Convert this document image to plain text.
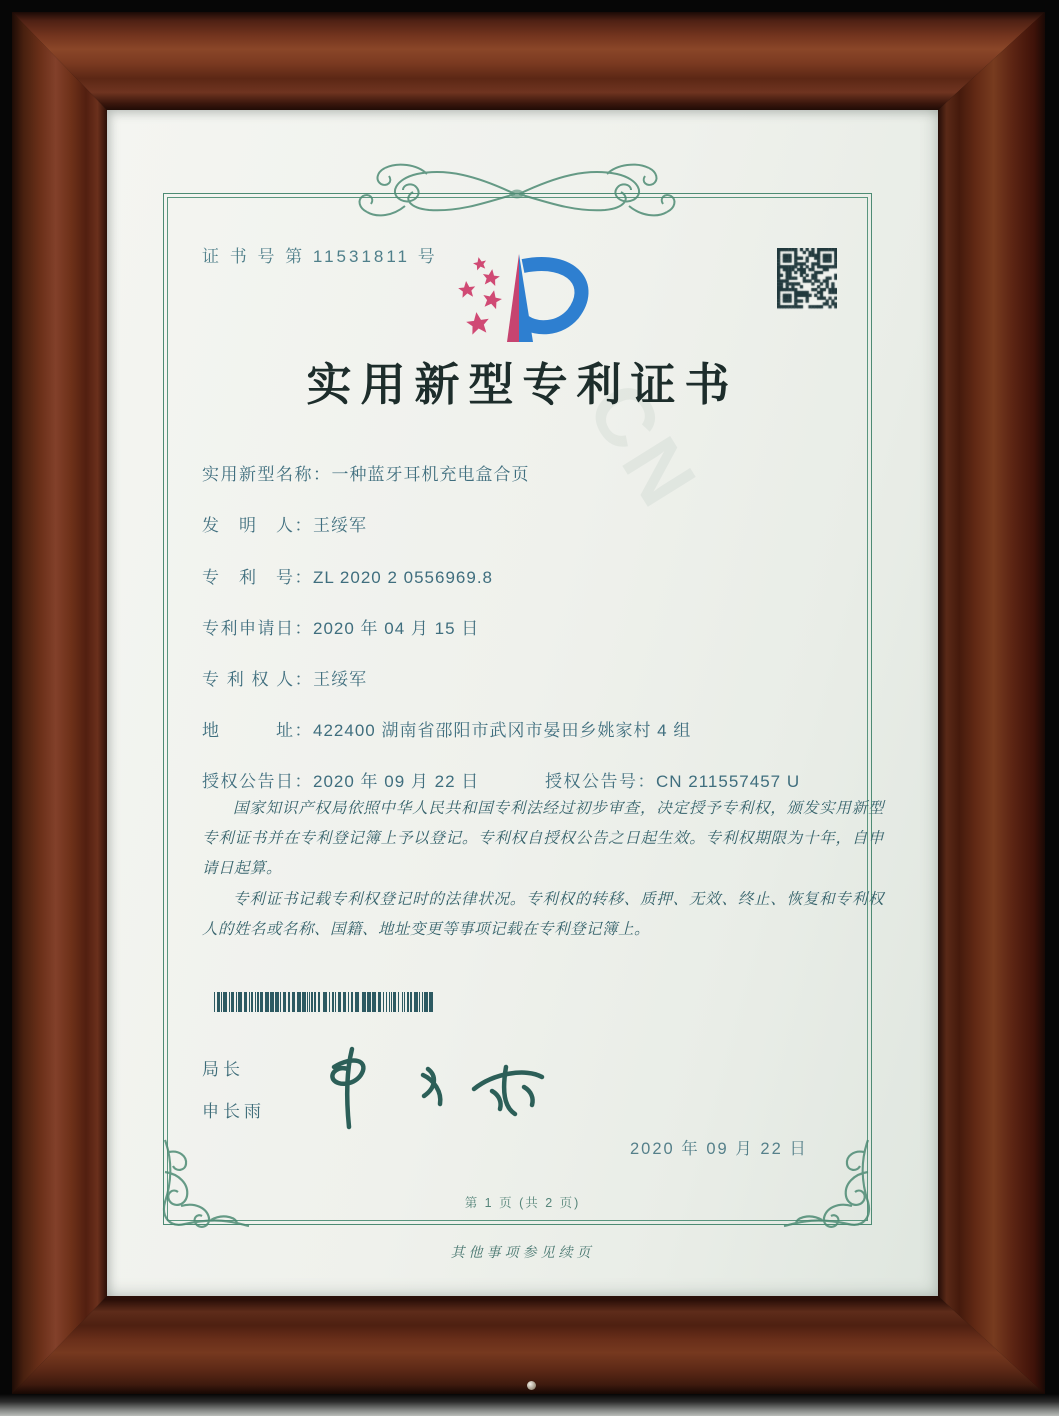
CN
证 书 号 第 11531811 号
实用新型专利证书
实用新型名称：一种蓝牙耳机充电盒合页
发　明　人：王绥军
专　利　号：ZL 2020 2 0556969.8
专利申请日：2020 年 04 月 15 日
专 利 权 人：王绥军
地　　　址：422400 湖南省邵阳市武冈市晏田乡姚家村 4 组
授权公告日：2020 年 09 月 22 日	授权公告号：CN 211557457 U

国家知识产权局依照中华人民共和国专利法经过初步审查，决定授予专利权，颁发实用新型专利证书并在专利登记簿上予以登记。专利权自授权公告之日起生效。专利权期限为十年，自申请日起算。

专利证书记载专利权登记时的法律状况。专利权的转移、质押、无效、终止、恢复和专利权人的姓名或名称、国籍、地址变更等事项记载在专利登记簿上。

局长
申长雨
2020 年 09 月 22 日
第 1 页 (共 2 页)
其他事项参见续页
